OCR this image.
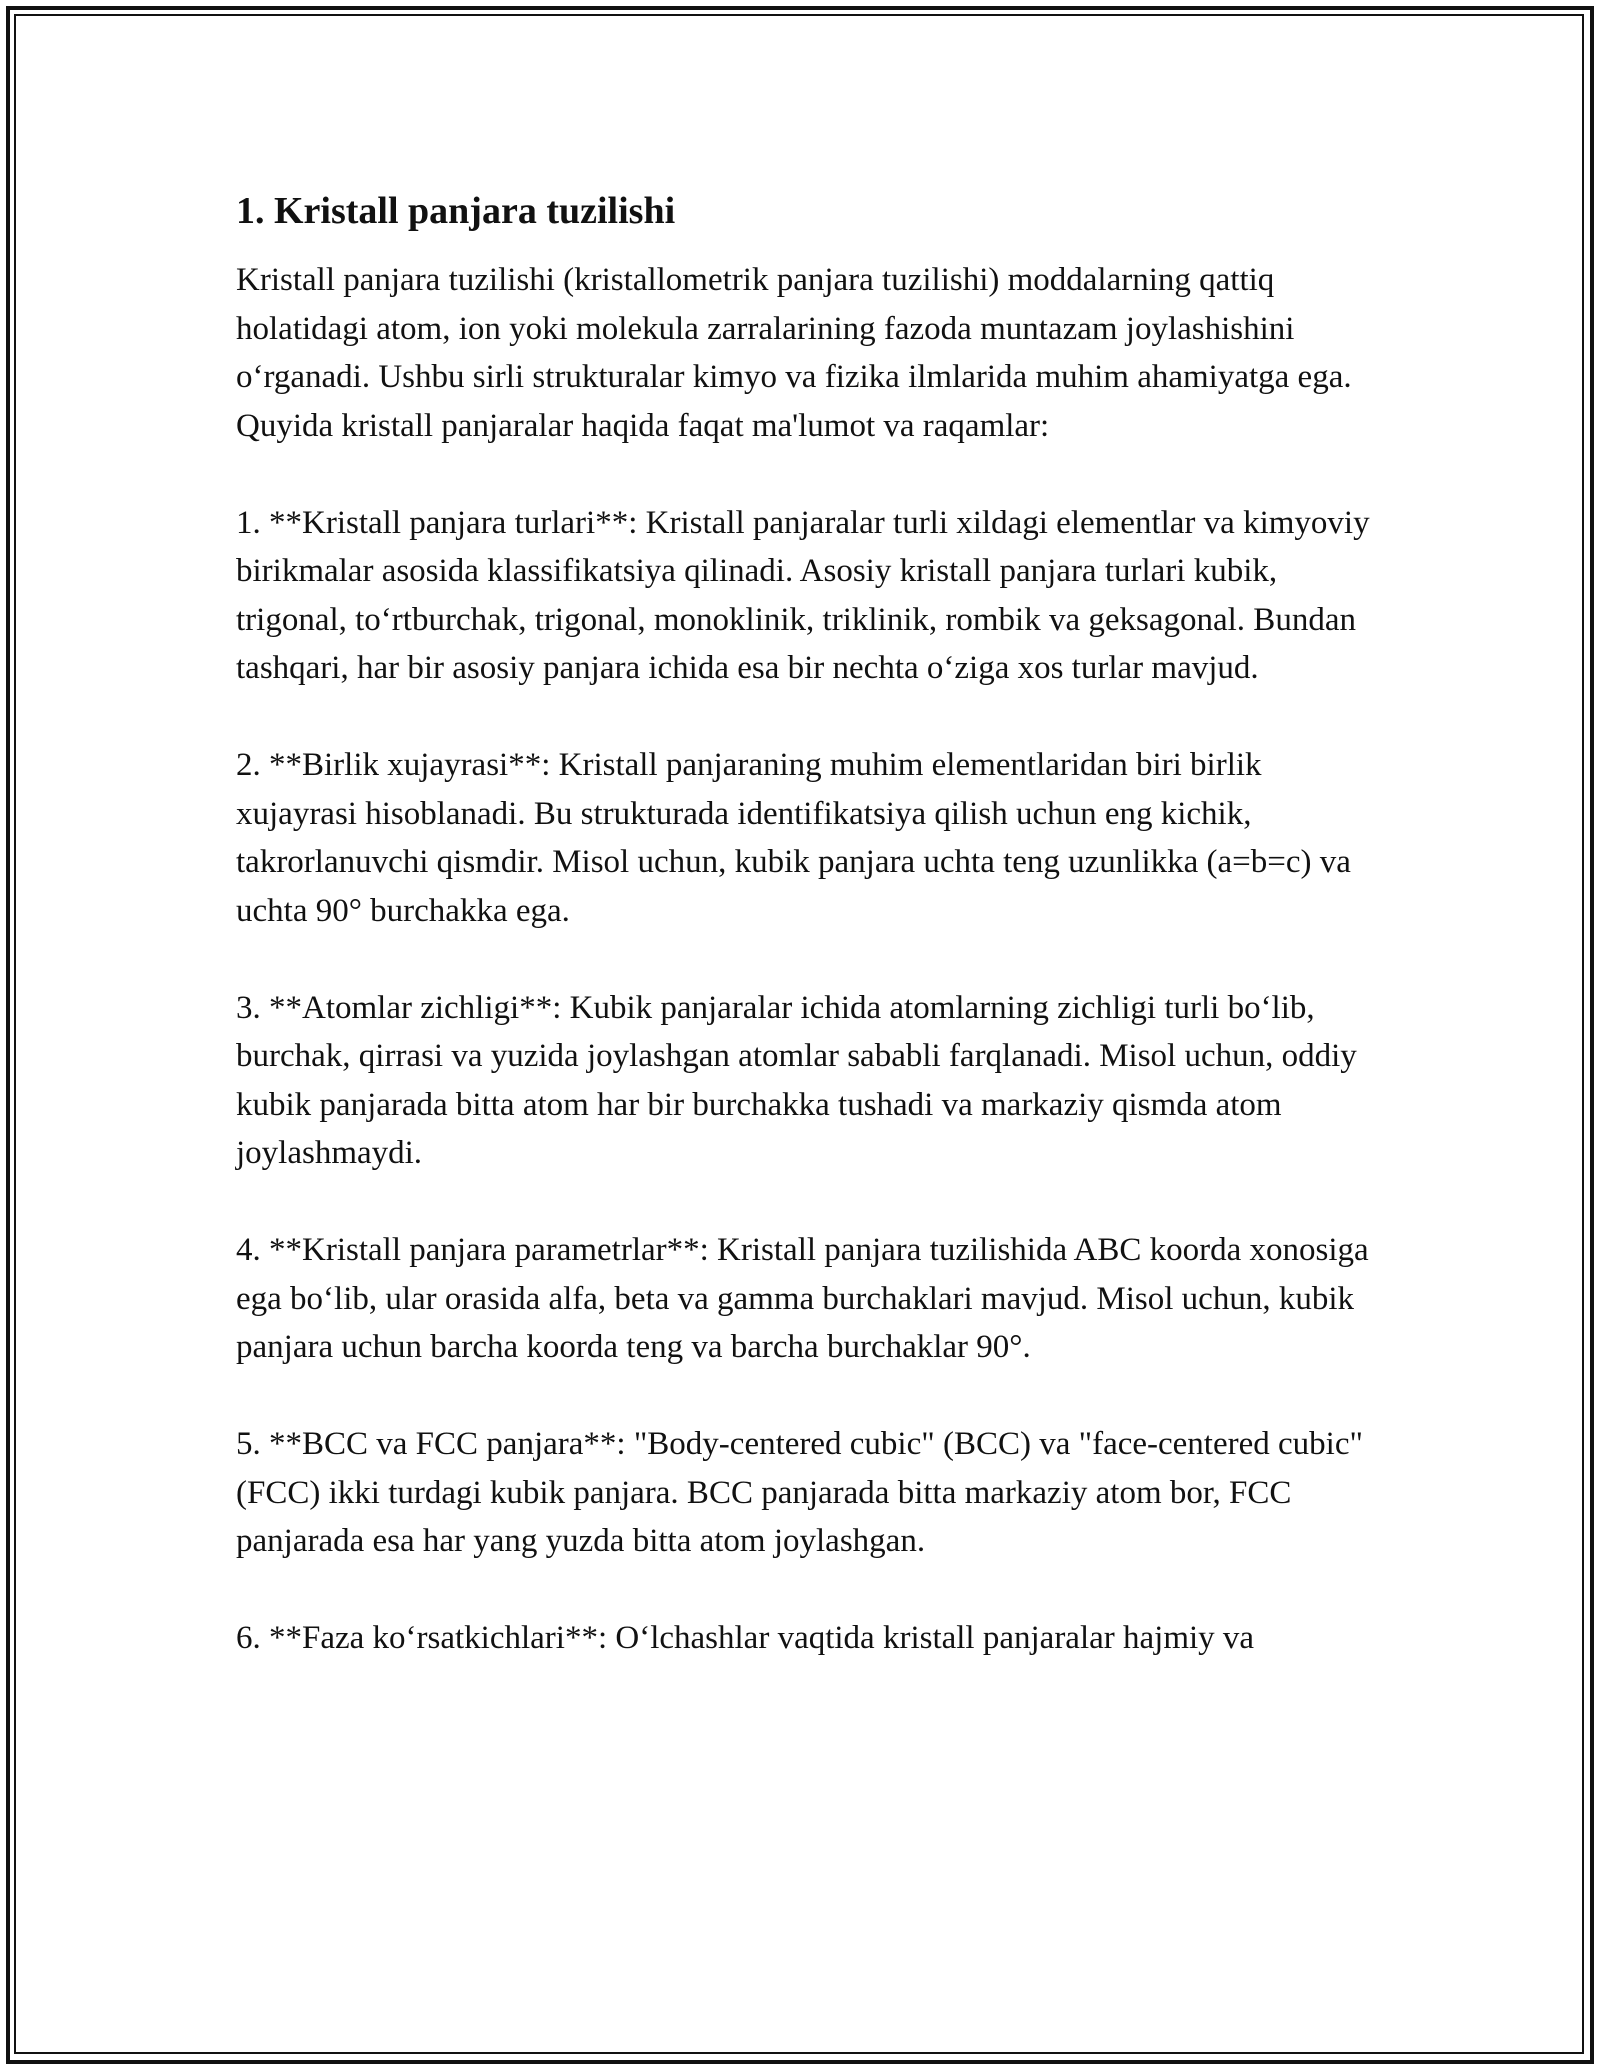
1. Kristall panjara tuzilishi

Kristall panjara tuzilishi (kristallometrik panjara tuzilishi) moddalarning qattiq holatidagi atom, ion yoki molekula zarralarining fazoda muntazam joylashishini o‘rganadi. Ushbu sirli strukturalar kimyo va fizika ilmlarida muhim ahamiyatga ega. Quyida kristall panjaralar haqida faqat ma'lumot va raqamlar:

1. **Kristall panjara turlari**: Kristall panjaralar turli xildagi elementlar va kimyoviy birikmalar asosida klassifikatsiya qilinadi. Asosiy kristall panjara turlari kubik, trigonal, to‘rtburchak, trigonal, monoklinik, triklinik, rombik va geksagonal. Bundan tashqari, har bir asosiy panjara ichida esa bir nechta o‘ziga xos turlar mavjud.

2. **Birlik xujayrasi**: Kristall panjaraning muhim elementlaridan biri birlik xujayrasi hisoblanadi. Bu strukturada identifikatsiya qilish uchun eng kichik, takrorlanuvchi qismdir. Misol uchun, kubik panjara uchta teng uzunlikka (a=b=c) va uchta 90° burchakka ega.

3. **Atomlar zichligi**: Kubik panjaralar ichida atomlarning zichligi turli bo‘lib, burchak, qirrasi va yuzida joylashgan atomlar sababli farqlanadi. Misol uchun, oddiy kubik panjarada bitta atom har bir burchakka tushadi va markaziy qismda atom joylashmaydi.

4. **Kristall panjara parametrlar**: Kristall panjara tuzilishida ABC koorda xonosiga ega bo‘lib, ular orasida alfa, beta va gamma burchaklari mavjud. Misol uchun, kubik panjara uchun barcha koorda teng va barcha burchaklar 90°.

5. **BCC va FCC panjara**: "Body-centered cubic" (BCC) va "face-centered cubic" (FCC) ikki turdagi kubik panjara. BCC panjarada bitta markaziy atom bor, FCC panjarada esa har yang yuzda bitta atom joylashgan.

6. **Faza ko‘rsatkichlari**: O‘lchashlar vaqtida kristall panjaralar hajmiy va
